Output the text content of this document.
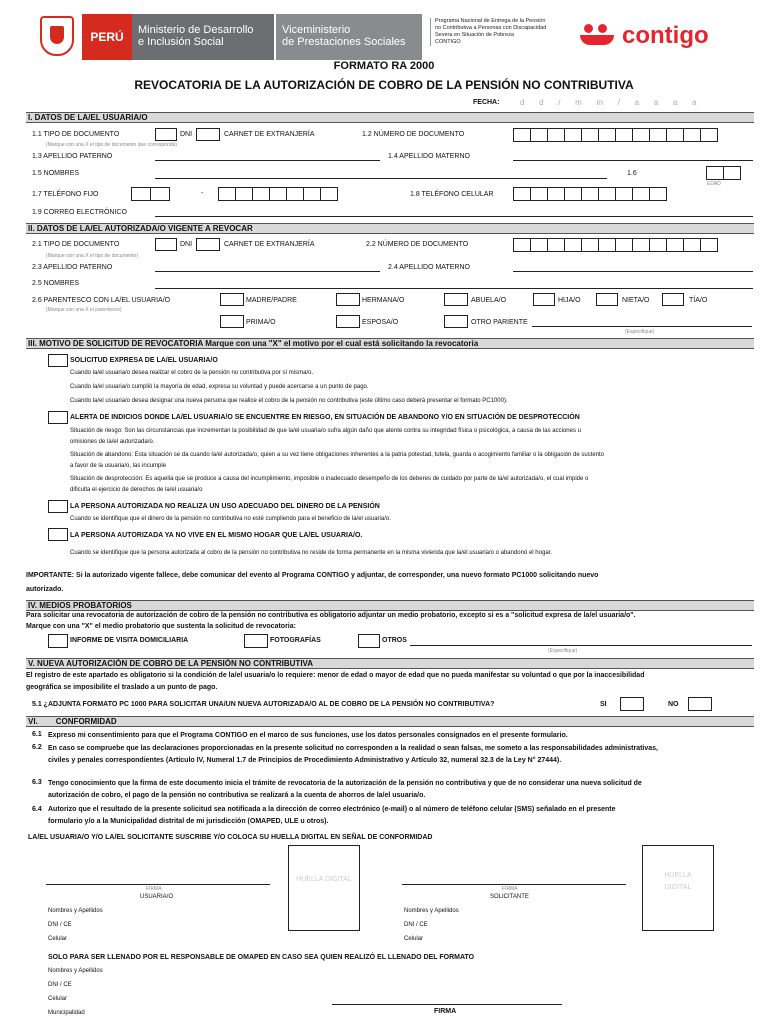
PERÚ	Ministerio de Desarrollo
e Inclusión Social
Viceministerio
de Prestaciones Sociales
Programa Nacional de Entrega de la Pensión
no Contributiva a Personas con Discapacidad
Severa en Situación de Pobreza
CONTIGO	contigo
FORMATO RA 2000
REVOCATORIA DE LA AUTORIZACIÓN DE COBRO DE LA PENSIÓN NO CONTRIBUTIVA
FECHA:	d   d   /   m   m   /   a   a   a   a
I. DATOS DE LA/EL USUARIA/O
1.1 TIPO DE DOCUMENTO	DNI	CARNET DE EXTRANJERÍA	1.2 NÚMERO DE DOCUMENTO
(Marque con una X el tipo de documento que corresponda)
1.3 APELLIDO PATERNO	1.4 APELLIDO MATERNO
1.5 NOMBRES	1.6
EDAD
1.7 TELÉFONO FIJO	-	1.8 TELÉFONO CELULAR
1.9 CORREO ELECTRÓNICO
II. DATOS DE LA/EL AUTORIZADA/O VIGENTE A REVOCAR
2.1 TIPO DE DOCUMENTO	DNI	CARNET DE EXTRANJERÍA	2.2 NÚMERO DE DOCUMENTO
(Marque con una X el tipo de documento)
2.3 APELLIDO PATERNO	2.4 APELLIDO MATERNO
2.5 NOMBRES
2.6 PARENTESCO CON LA/EL USUARIA/O
(Marque con una X el parentesco)
MADRE/PADRE	HERMANA/O	ABUELA/O	HIJA/O	NIETA/O	TÍA/O
PRIMA/O	ESPOSA/O	OTRO PARIENTE
(Especifique)
III. MOTIVO DE SOLICITUD DE REVOCATORIA Marque con una "X" el motivo por el cual está solicitando la revocatoria
SOLICITUD EXPRESA DE LA/EL USUARIA/O
Cuando la/el usuaria/o desea realizar el cobro de la pensión no contributiva por sí misma/o.
Cuando la/el usuaria/o cumplió la mayoría de edad, expresa su voluntad y puede acercarse a un punto de pago.
Cuando la/el usuaria/o desea designar una nueva persona que realice el cobro de la pensión no contributiva (este último caso deberá presentar el formato PC1000).
ALERTA DE INDICIOS DONDE LA/EL USUARIA/O SE ENCUENTRE EN RIESGO, EN SITUACIÓN DE ABANDONO Y/O EN SITUACIÓN DE DESPROTECCIÓN
Situación de riesgo: Son las circunstancias que incrementan la posibilidad de que la/el usuaria/o sufra algún daño que atente contra su integridad física o psicológica, a causa de las acciones u
omisiones de la/el autorizada/o.
Situación de abandono: Esta situación se da cuando la/el autorizada/o, quien a su vez tiene obligaciones inherentes a la patria potestad, tutela, guarda o acogimiento familiar o la obligación de sustento
a favor de la usuaria/o, las incumple
Situación de desprotección: Es aquella que se produce a causa del incumplimiento, imposible o inadecuado desempeño de los deberes de cuidado por parte de la/el autorizada/o, el cual impide o
dificulta el ejercicio de derechos de la/el usuaria/o
LA PERSONA AUTORIZADA NO REALIZA UN USO ADECUADO DEL DINERO DE LA PENSIÓN
Cuando se identifique que el dinero de la pensión no contributiva no esté cumpliendo para el beneficio de la/el usuaria/o.
LA PERSONA AUTORIZADA YA NO VIVE EN EL MISMO HOGAR QUE LA/EL USUARIA/O.
Cuando se identifique que la persona autorizada al cobro de la pensión no contributiva no reside de forma permanente en la misma vivienda que la/el usuaria/o o abandonó el hogar.
IMPORTANTE: Si la autorizado vigente fallece, debe comunicar del evento al Programa CONTIGO y adjuntar, de corresponder, una nuevo formato PC1000 solicitando nuevo
autorizado.
IV. MEDIOS PROBATORIOS
Para solicitar una revocatoria de autorización de cobro de la pensión no contributiva es obligatorio adjuntar un medio probatorio, excepto si es a "solicitud expresa de la/el usuaria/o".
Marque con una "X" el medio probatorio que sustenta la solicitud de revocatoria:
INFORME DE VISITA DOMICILIARIA	FOTOGRAFÍAS	OTROS
(Especifique)
V. NUEVA AUTORIZACIÓN DE COBRO DE LA PENSIÓN NO CONTRIBUTIVA
El registro de este apartado es obligatorio si la condición de la/el usuaria/o lo requiere: menor de edad o mayor de edad que no pueda manifestar su voluntad o que por la inaccesibilidad
geográfica se imposibilite el traslado a un punto de pago.
5.1 ¿ADJUNTA FORMATO PC 1000 PARA SOLICITAR UNA/UN NUEVA AUTORIZADA/O AL DE COBRO DE LA PENSIÓN NO CONTRIBUTIVA?	SI	NO
VI. CONFORMIDAD
6.1 Expreso mi consentimiento para que el Programa CONTIGO en el marco de sus funciones, use los datos personales consignados en el presente formulario.
6.2 En caso se compruebe que las declaraciones proporcionadas en la presente solicitud no corresponden a la realidad o sean falsas, me someto a las responsabilidades administrativas,
civiles y penales correspondientes (Artículo IV, Numeral 1.7 de Principios de Procedimiento Administrativo y Artículo 32, numeral 32.3 de la Ley N° 27444).
6.3 Tengo conocimiento que la firma de este documento inicia el trámite de revocatoria de la autorización de la pensión no contributiva y que de no considerar una nueva solicitud de
autorización de cobro, el pago de la pensión no contributiva se realizará a la cuenta de ahorros de la/el usuaria/o.
6.4 Autorizo que el resultado de la presente solicitud sea notificada a la dirección de correo electrónico (e-mail) o al número de teléfono celular (SMS) señalado en el presente
formulario y/o a la Municipalidad distrital de mi jurisdicción (OMAPED, ULE u otros).
LA/EL USUARIA/O Y/O LA/EL SOLICITANTE SUSCRIBE Y/O COLOCA SU HUELLA DIGITAL EN SEÑAL DE CONFORMIDAD
FIRMA
USUARIA/O
HUELLA DIGITAL
FIRMA
SOLICITANTE
HUELLA
DIGITAL
Nombres y Apellidos
DNI / CE
Celular
Nombres y Apellidos
DNI / CE
Celular
SOLO PARA SER LLENADO POR EL RESPONSABLE DE OMAPED EN CASO SEA QUIEN REALIZÓ EL LLENADO DEL FORMATO
Nombres y Apellidos
DNI / CE
Celular
Municipalidad	FIRMA
